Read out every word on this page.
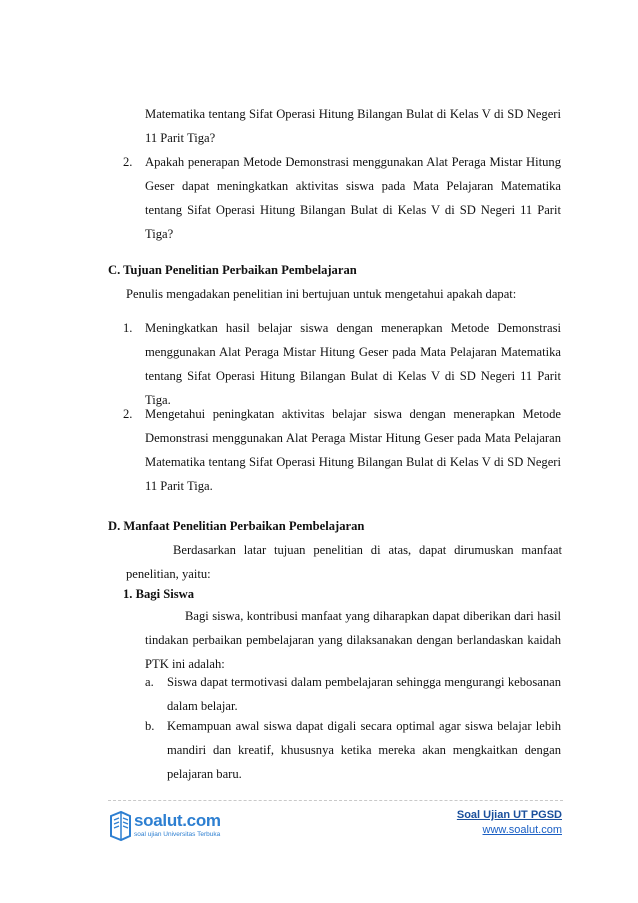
Matematika tentang Sifat Operasi Hitung Bilangan Bulat di Kelas V di SD Negeri 11 Parit Tiga?
2. Apakah penerapan Metode Demonstrasi menggunakan Alat Peraga Mistar Hitung Geser dapat meningkatkan aktivitas siswa pada Mata Pelajaran Matematika tentang Sifat Operasi Hitung Bilangan Bulat di Kelas V di SD Negeri 11 Parit Tiga?
C. Tujuan Penelitian Perbaikan Pembelajaran
Penulis mengadakan penelitian ini bertujuan untuk mengetahui apakah dapat:
1. Meningkatkan hasil belajar siswa dengan menerapkan Metode Demonstrasi menggunakan Alat Peraga Mistar Hitung Geser pada Mata Pelajaran Matematika tentang Sifat Operasi Hitung Bilangan Bulat di Kelas V di SD Negeri 11 Parit Tiga.
2. Mengetahui peningkatan aktivitas belajar siswa dengan menerapkan Metode Demonstrasi menggunakan Alat Peraga Mistar Hitung Geser pada Mata Pelajaran Matematika tentang Sifat Operasi Hitung Bilangan Bulat di Kelas V di SD Negeri 11 Parit Tiga.
D. Manfaat Penelitian Perbaikan Pembelajaran
Berdasarkan latar tujuan penelitian di atas, dapat dirumuskan manfaat penelitian, yaitu:
1. Bagi Siswa
Bagi siswa, kontribusi manfaat yang diharapkan dapat diberikan dari hasil tindakan perbaikan pembelajaran yang dilaksanakan dengan berlandaskan kaidah PTK ini adalah:
a. Siswa dapat termotivasi dalam pembelajaran sehingga mengurangi kebosanan dalam belajar.
b. Kemampuan awal siswa dapat digali secara optimal agar siswa belajar lebih mandiri dan kreatif, khususnya ketika mereka akan mengkaitkan dengan pelajaran baru.
soalut.com
soal ujian Universitas Terbuka
Soal Ujian UT PGSD
www.soalut.com
